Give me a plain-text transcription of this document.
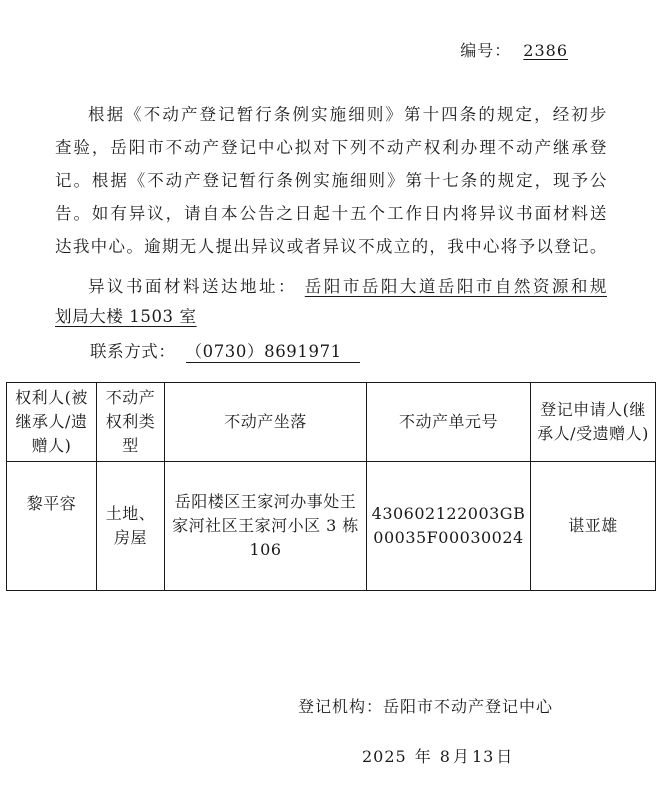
编号： 2386
根据《不动产登记暂行条例实施细则》第十四条的规定，经初步
查验，岳阳市不动产登记中心拟对下列不动产权利办理不动产继承登
记。根据《不动产登记暂行条例实施细则》第十七条的规定，现予公
告。如有异议，请自本公告之日起十五个工作日内将异议书面材料送
达我中心。逾期无人提出异议或者异议不成立的，我中心将予以登记。
异议书面材料送达地址： 岳阳市岳阳大道岳阳市自然资源和规
划局大楼 1503 室
联系方式： （0730）8691971
权利人(被继承人/遗赠人)	不动产权利类型	不动产坐落	不动产单元号	登记申请人(继承人/受遗赠人)
黎平容	土地、房屋	岳阳楼区王家河办事处王家河社区王家河小区 3 栋 106	430602122003GB00035F00030024	谌亚雄
登记机构：岳阳市不动产登记中心
2025 年 8 月 13 日
